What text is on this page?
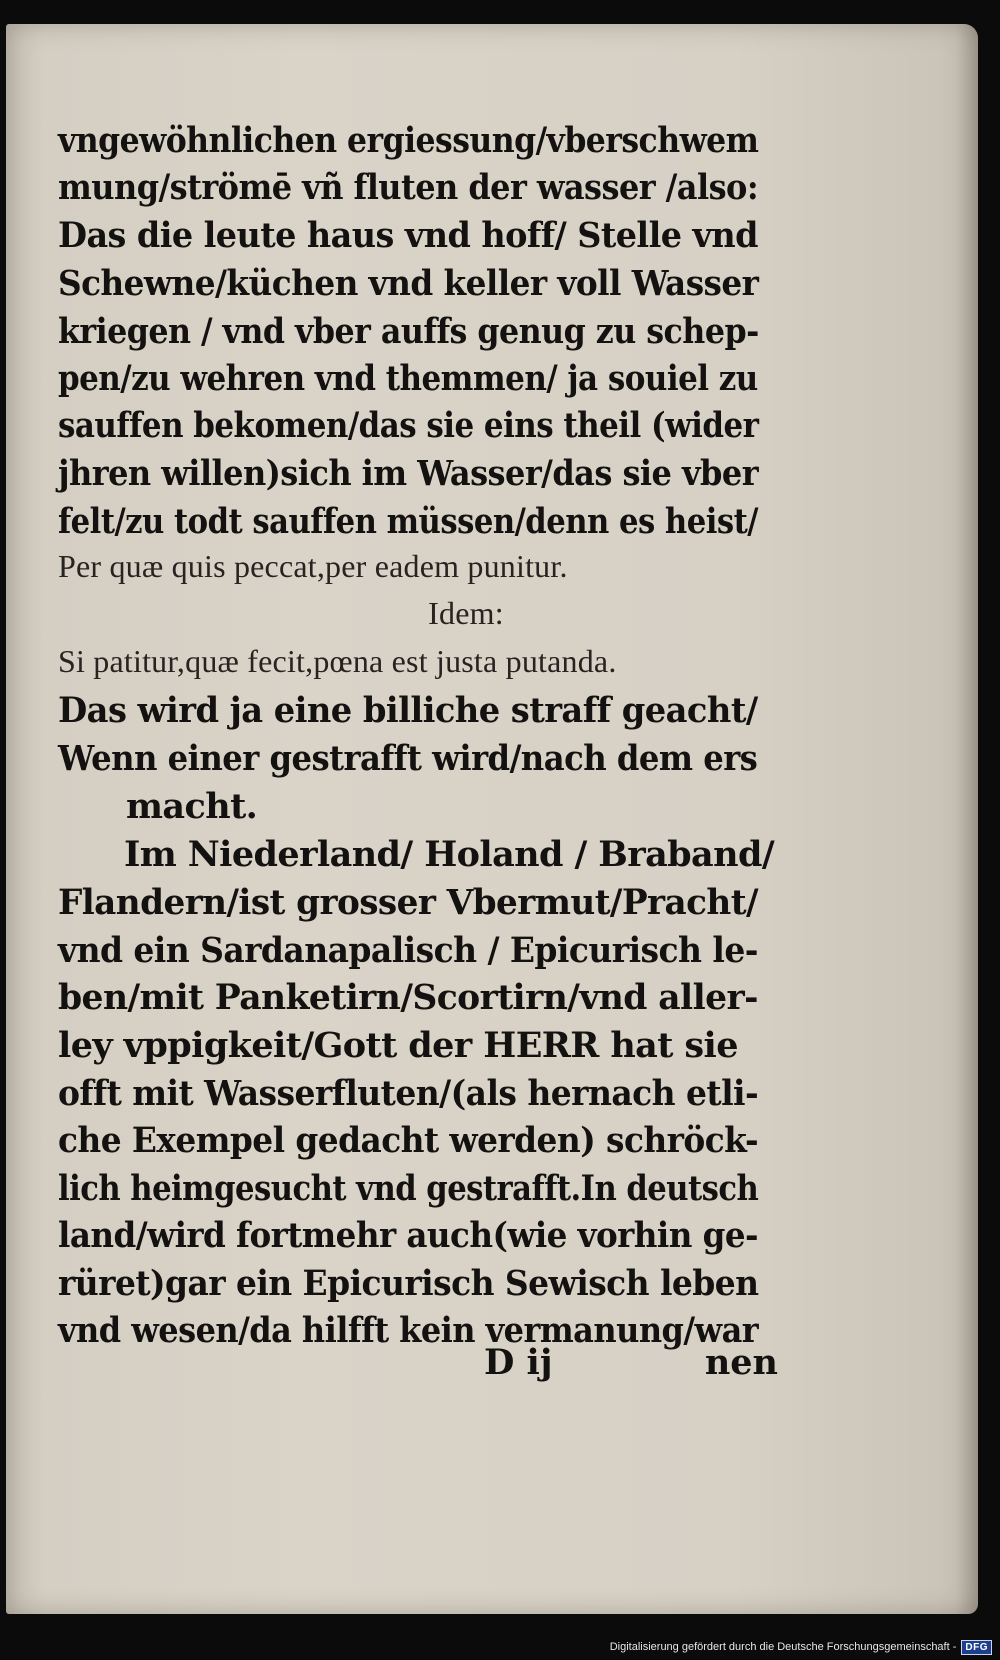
vngewöhnlichen ergiessung/vberschwem
mung/strömē vñ fluten der wasser /also:
Das die leute haus vnd hoff/ Stelle vnd
Schewne/küchen vnd keller voll Wasser
kriegen / vnd vber auffs genug zu schep-
pen/zu wehren vnd themmen/ ja souiel zu
sauffen bekomen/das sie eins theil (wider
jhren willen)sich im Wasser/das sie vber
felt/zu todt sauffen müssen/denn es heist/
Per quæ quis peccat,per eadem punitur.
Idem:
Si patitur,quæ fecit,pœna est justa putanda.
Das wird ja eine billiche straff geacht/
Wenn einer gestrafft wird/nach dem ers
macht.
Im Niederland/ Holand / Braband/
Flandern/ist grosser Vbermut/Pracht/
vnd ein Sardanapalisch / Epicurisch le-
ben/mit Panketirn/Scortirn/vnd aller-
ley vppigkeit/Gott der HERR hat sie
offt mit Wasserfluten/(als hernach etli-
che Exempel gedacht werden) schröck-
lich heimgesucht vnd gestrafft.In deutsch
land/wird fortmehr auch(wie vorhin ge-
rüret)gar ein Epicurisch Sewisch leben
vnd wesen/da hilfft kein vermanung/war
D ij	nen
Digitalisierung gefördert durch die Deutsche Forschungsgemeinschaft - DFG
